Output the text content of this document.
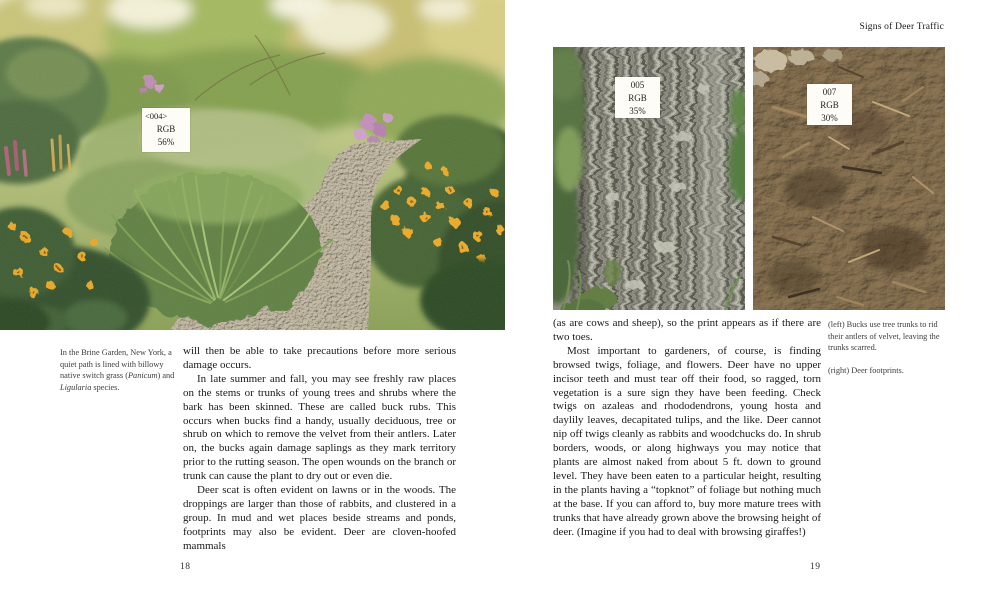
Signs of Deer Traffic
<004>
RGB
56%
005
RGB
35%
007
RGB
30%
In the Brine Garden, New York, a quiet path is lined with billowy native switch grass (Panicum) and Ligularia species.

will then be able to take precautions before more serious damage occurs.

In late summer and fall, you may see freshly raw places on the stems or trunks of young trees and shrubs where the bark has been skinned. These are called buck rubs. This occurs when bucks find a handy, usually deciduous, tree or shrub on which to remove the velvet from their antlers. Later on, the bucks again damage saplings as they mark territory prior to the rutting season. The open wounds on the branch or trunk can cause the plant to dry out or even die.

Deer scat is often evident on lawns or in the woods. The droppings are larger than those of rabbits, and clustered in a group. In mud and wet places beside streams and ponds, footprints may also be evident. Deer are cloven-hoofed mammals

(as are cows and sheep), so the print appears as if there are two toes.

Most important to gardeners, of course, is finding browsed twigs, foliage, and flowers. Deer have no upper incisor teeth and must tear off their food, so ragged, torn vegetation is a sure sign they have been feeding. Check twigs on azaleas and rhododendrons, young hosta and daylily leaves, decapitated tulips, and the like. Deer cannot nip off twigs cleanly as rabbits and woodchucks do. In shrub borders, woods, or along highways you may notice that plants are almost naked from about 5 ft. down to ground level. They have been eaten to a particular height, resulting in the plants having a “topknot” of foliage but nothing much at the base. If you can afford to, buy more mature trees with trunks that have already grown above the browsing height of deer. (Imagine if you had to deal with browsing giraffes!)

(left) Bucks use tree trunks to rid their antlers of velvet, leaving the trunks scarred.

(right) Deer footprints.

18	19
